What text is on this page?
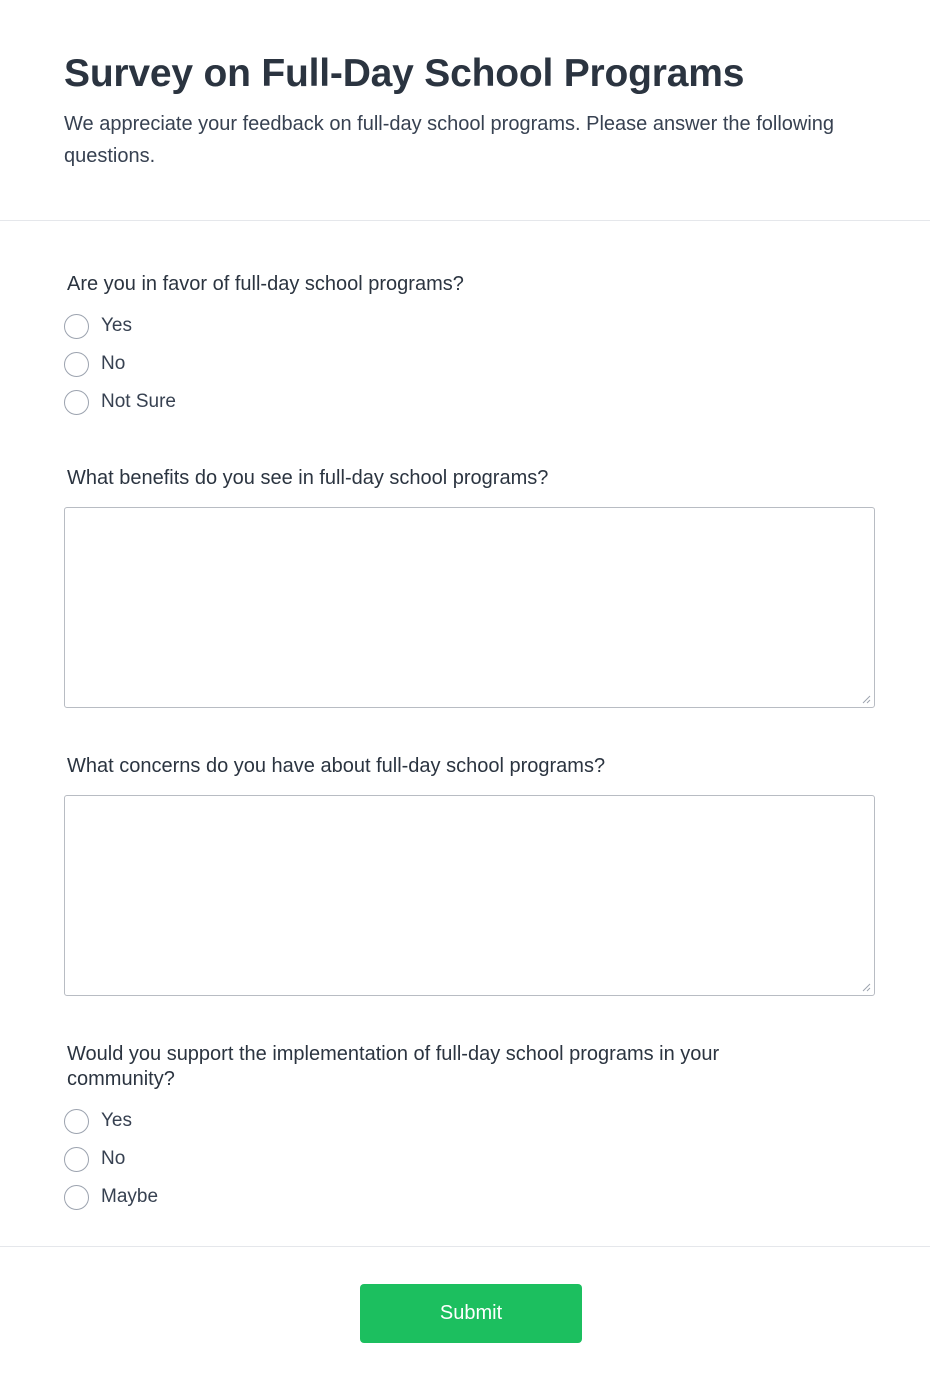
Survey on Full-Day School Programs

We appreciate your feedback on full-day school programs. Please answer the following questions.

Are you in favor of full-day school programs?
Yes
No
Not Sure
What benefits do you see in full-day school programs?
What concerns do you have about full-day school programs?
Would you support the implementation of full-day school programs in your community?
Yes
No
Maybe
Submit
